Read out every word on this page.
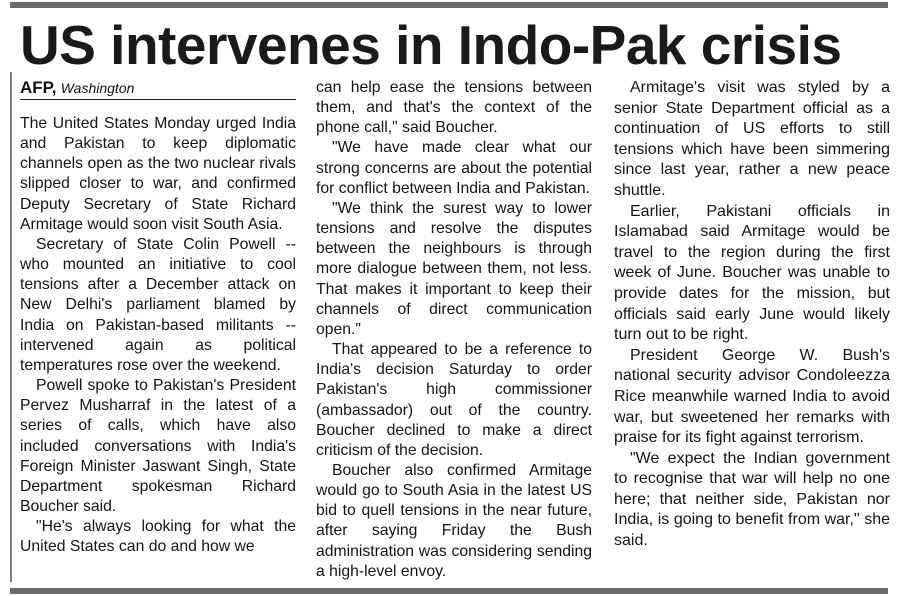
US intervenes in Indo-Pak crisis
AFP, Washington

The United States Monday urged India and Pakistan to keep diplomatic channels open as the two nuclear rivals slipped closer to war, and confirmed Deputy Secretary of State Richard Armitage would soon visit South Asia.

Secretary of State Colin Powell -- who mounted an initiative to cool tensions after a December attack on New Delhi's parliament blamed by India on Pakistan-based militants -- intervened again as political temperatures rose over the weekend.

Powell spoke to Pakistan's President Pervez Musharraf in the latest of a series of calls, which have also included conversations with India's Foreign Minister Jaswant Singh, State Department spokesman Richard Boucher said.

"He's always looking for what the United States can do and how we

can help ease the tensions between them, and that's the context of the phone call," said Boucher.

"We have made clear what our strong concerns are about the potential for conflict between India and Pakistan.

"We think the surest way to lower tensions and resolve the disputes between the neighbours is through more dialogue between them, not less. That makes it important to keep their channels of direct communication open."

That appeared to be a reference to India's decision Saturday to order Pakistan's high commissioner (ambassador) out of the country. Boucher declined to make a direct criticism of the decision.

Boucher also confirmed Armitage would go to South Asia in the latest US bid to quell tensions in the near future, after saying Friday the Bush administration was considering sending a high-level envoy.

Armitage's visit was styled by a senior State Department official as a continuation of US efforts to still tensions which have been simmering since last year, rather a new peace shuttle.

Earlier, Pakistani officials in Islamabad said Armitage would be travel to the region during the first week of June. Boucher was unable to provide dates for the mission, but officials said early June would likely turn out to be right.

President George W. Bush's national security advisor Condoleezza Rice meanwhile warned India to avoid war, but sweetened her remarks with praise for its fight against terrorism.

"We expect the Indian government to recognise that war will help no one here; that neither side, Pakistan nor India, is going to benefit from war," she said.
